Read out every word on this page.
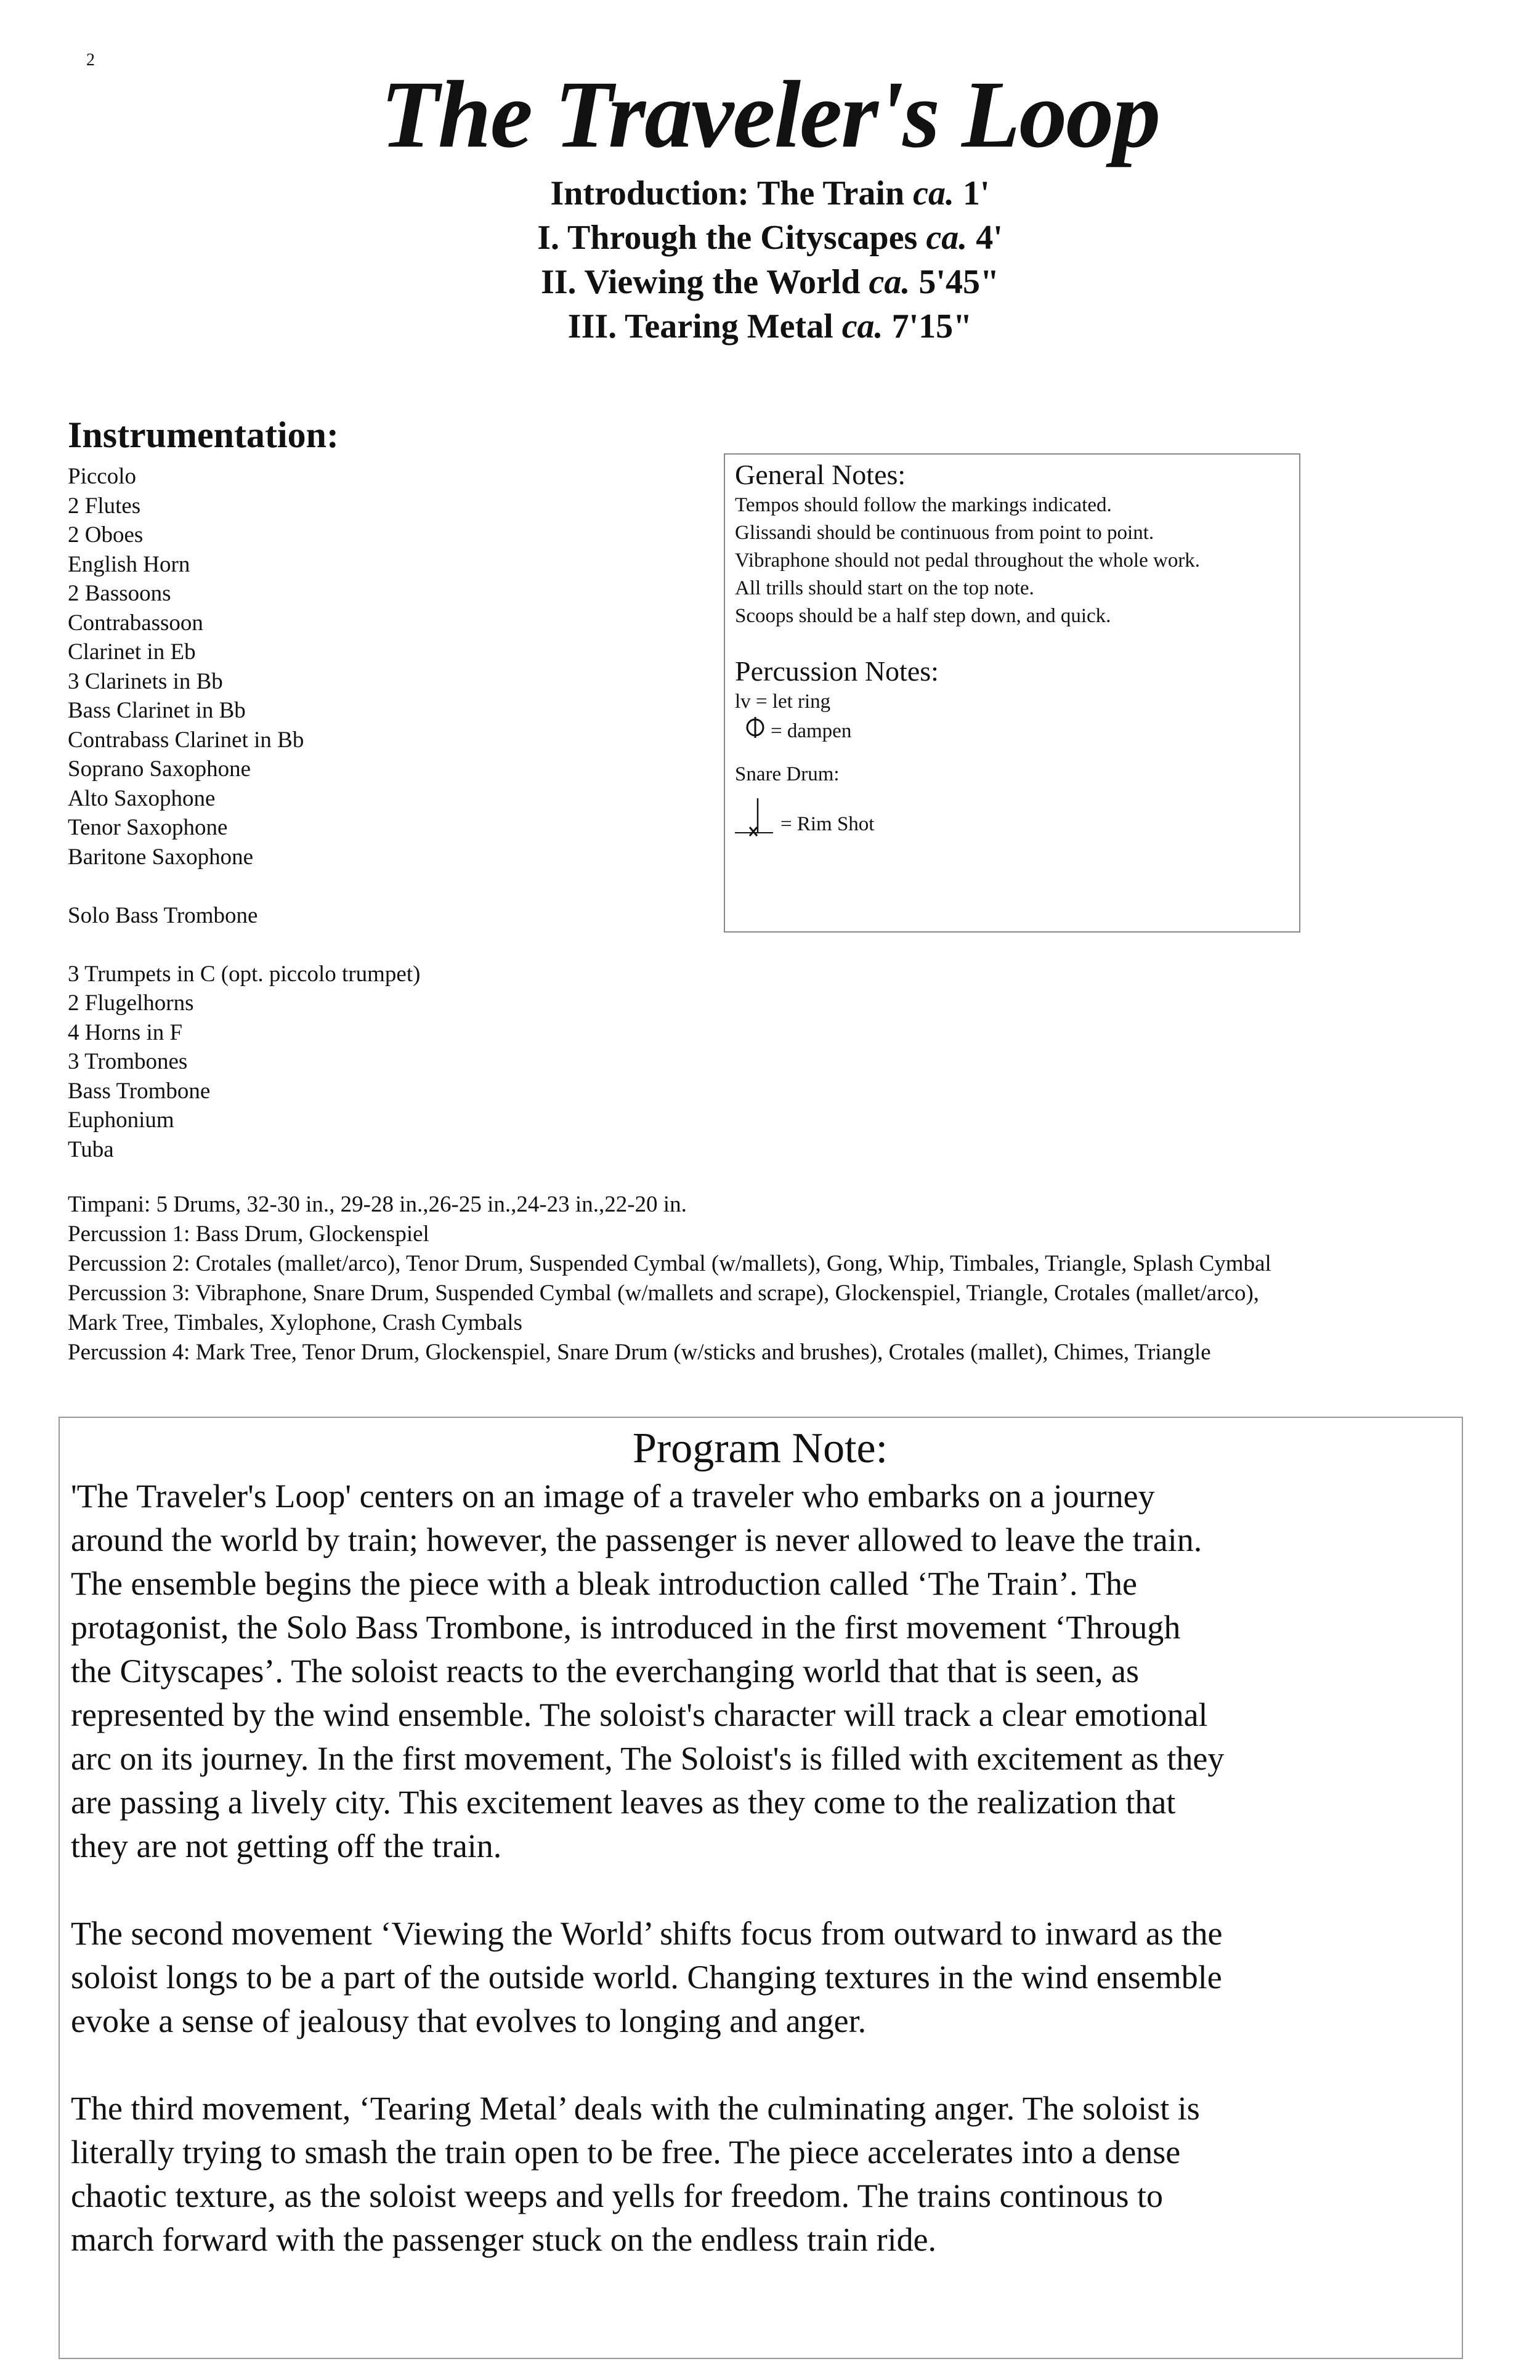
2
The Traveler's Loop
Introduction: The Train ca. 1'
I. Through the Cityscapes ca. 4'
II. Viewing the World ca. 5'45"
III. Tearing Metal ca. 7'15"
Instrumentation:
Piccolo
2 Flutes
2 Oboes
English Horn
2 Bassoons
Contrabassoon
Clarinet in Eb
3 Clarinets in Bb
Bass Clarinet in Bb
Contrabass Clarinet in Bb
Soprano Saxophone
Alto Saxophone
Tenor Saxophone
Baritone Saxophone
Solo Bass Trombone
3 Trumpets in C (opt. piccolo trumpet)
2 Flugelhorns
4 Horns in F
3 Trombones
Bass Trombone
Euphonium
Tuba
General Notes:
Tempos should follow the markings indicated.
Glissandi should be continuous from point to point.
Vibraphone should not pedal throughout the whole work.
All trills should start on the top note.
Scoops should be a half step down, and quick.
Percussion Notes:
lv = let ring
= dampen
Snare Drum:
= Rim Shot
Timpani: 5 Drums, 32-30 in., 29-28 in.,26-25 in.,24-23 in.,22-20 in.
Percussion 1: Bass Drum, Glockenspiel
Percussion 2: Crotales (mallet/arco), Tenor Drum, Suspended Cymbal (w/mallets), Gong, Whip, Timbales, Triangle, Splash Cymbal
Percussion 3: Vibraphone, Snare Drum, Suspended Cymbal (w/mallets and scrape), Glockenspiel, Triangle, Crotales (mallet/arco),
Mark Tree, Timbales, Xylophone, Crash Cymbals
Percussion 4: Mark Tree, Tenor Drum, Glockenspiel, Snare Drum (w/sticks and brushes), Crotales (mallet), Chimes, Triangle
Program Note:
'The Traveler's Loop' centers on an image of a traveler who embarks on a journey
around the world by train; however, the passenger is never allowed to leave the train.
The ensemble begins the piece with a bleak introduction called ‘The Train’. The
protagonist, the Solo Bass Trombone, is introduced in the first movement ‘Through
the Cityscapes’. The soloist reacts to the everchanging world that that is seen, as
represented by the wind ensemble. The soloist's character will track a clear emotional
arc on its journey. In the first movement, The Soloist's is filled with excitement as they
are passing a lively city. This excitement leaves as they come to the realization that
they are not getting off the train.
The second movement ‘Viewing the World’ shifts focus from outward to inward as the
soloist longs to be a part of the outside world. Changing textures in the wind ensemble
evoke a sense of jealousy that evolves to longing and anger.
The third movement, ‘Tearing Metal’ deals with the culminating anger. The soloist is
literally trying to smash the train open to be free. The piece accelerates into a dense
chaotic texture, as the soloist weeps and yells for freedom. The trains continous to
march forward with the passenger stuck on the endless train ride.
